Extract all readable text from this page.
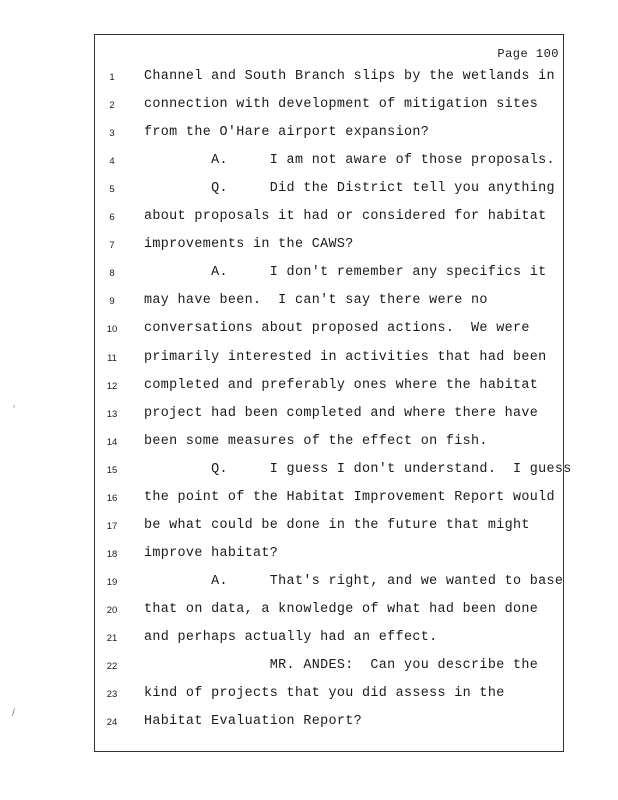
Page 100
1	Channel and South Branch slips by the wetlands in
2	connection with development of mitigation sites
3	from the O'Hare airport expansion?
4	A.     I am not aware of those proposals.
5	Q.     Did the District tell you anything
6	about proposals it had or considered for habitat
7	improvements in the CAWS?
8	A.     I don't remember any specifics it
9	may have been.  I can't say there were no
10	conversations about proposed actions.  We were
11	primarily interested in activities that had been
12	completed and preferably ones where the habitat
13	project had been completed and where there have
14	been some measures of the effect on fish.
15	Q.     I guess I don't understand.  I guess
16	the point of the Habitat Improvement Report would
17	be what could be done in the future that might
18	improve habitat?
19	A.     That's right, and we wanted to base
20	that on data, a knowledge of what had been done
21	and perhaps actually had an effect.
22	MR. ANDES:  Can you describe the
23	kind of projects that you did assess in the
24	Habitat Evaluation Report?
‘
/
